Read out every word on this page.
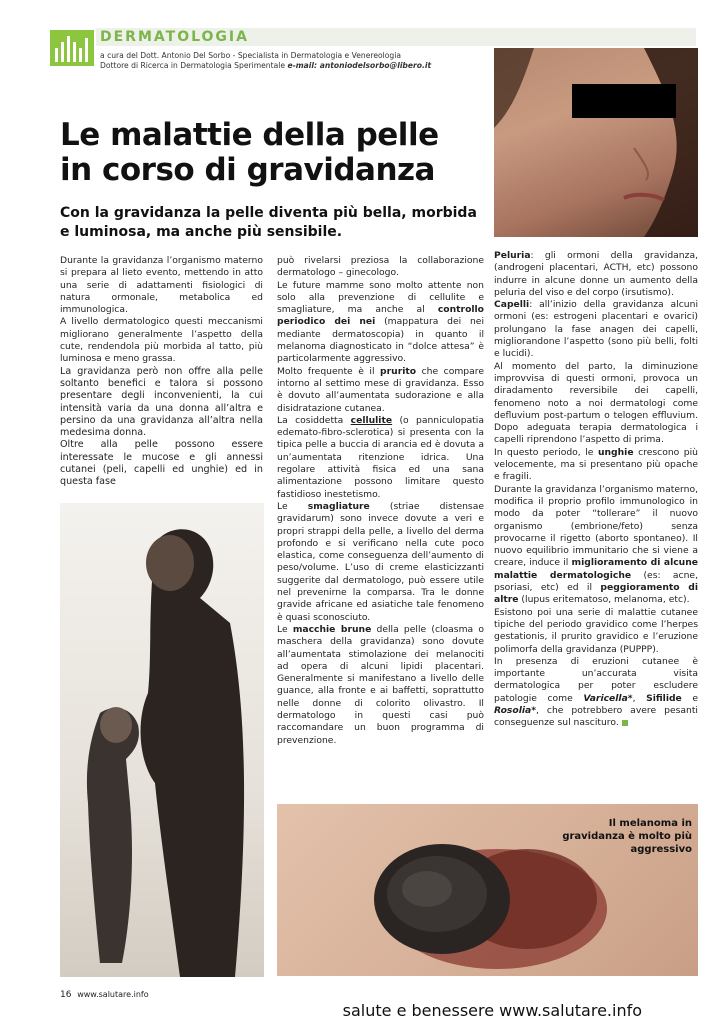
DERMATOLOGIA
a cura del Dott. Antonio Del Sorbo - Specialista in Dermatologia e Venereologia
Dottore di Ricerca in Dermatologia Sperimentale e-mail: antoniodelsorbo@libero.it
Le malattie della pelle in corso di gravidanza
Con la gravidanza la pelle diventa più bella, morbida e luminosa, ma anche più sensibile.

Durante la gravidanza l’organismo materno si prepara al lieto evento, mettendo in atto una serie di adattamenti fisiologici di natura ormonale, metabolica ed immunologica.

A livello dermatologico questi meccanismi migliorano generalmente l’aspetto della cute, rendendola più morbida al tatto, più luminosa e meno grassa.

La gravidanza però non offre alla pelle soltanto benefici e talora si possono presentare degli inconvenienti, la cui intensità varia da una donna all’altra e persino da una gravidanza all’altra nella medesima donna.

Oltre alla pelle possono essere interessate le mucose e gli annessi cutanei (peli, capelli ed unghie) ed in questa fase

può rivelarsi preziosa la collaborazione dermatologo – ginecologo.

Le future mamme sono molto attente non solo alla prevenzione di cellulite e smagliature, ma anche al controllo periodico dei nei (mappatura dei nei mediante dermatoscopia) in quanto il melanoma diagnosticato in “dolce attesa” è particolarmente aggressivo.

Molto frequente è il prurito che compare intorno al settimo mese di gravidanza. Esso è dovuto all’aumentata sudorazione e alla disidratazione cutanea.

La cosiddetta cellulite (o panniculopatia edemato-fibro-sclerotica) si presenta con la tipica pelle a buccia di arancia ed è dovuta a un’aumentata ritenzione idrica. Una regolare attività fisica ed una sana alimentazione possono limitare questo fastidioso inestetismo.

Le smagliature (striae distensae gravidarum) sono invece dovute a veri e propri strappi della pelle, a livello del derma profondo e si verificano nella cute poco elastica, come conseguenza dell’aumento di peso/volume. L’uso di creme elasticizzanti suggerite dal dermatologo, può essere utile nel prevenirne la comparsa. Tra le donne gravide africane ed asiatiche tale fenomeno è quasi sconosciuto.

Le macchie brune della pelle (cloasma o maschera della gravidanza) sono dovute all’aumentata stimolazione dei melanociti ad opera di alcuni lipidi placentari. Generalmente si manifestano a livello delle guance, alla fronte e ai baffetti, soprattutto nelle donne di colorito olivastro. Il dermatologo in questi casi può raccomandare un buon programma di prevenzione.

Peluria: gli ormoni della gravidanza, (androgeni placentari, ACTH, etc) possono indurre in alcune donne un aumento della peluria del viso e del corpo (irsutismo).

Capelli: all’inizio della gravidanza alcuni ormoni (es: estrogeni placentari e ovarici) prolungano la fase anagen dei capelli, migliorandone l’aspetto (sono più belli, folti e lucidi).

Al momento del parto, la diminuzione improvvisa di questi ormoni, provoca un diradamento reversibile dei capelli, fenomeno noto a noi dermatologi come defluvium post-partum o telogen effluvium. Dopo adeguata terapia dermatologica i capelli riprendono l’aspetto di prima.

In questo periodo, le unghie crescono più velocemente, ma si presentano più opache e fragili.

Durante la gravidanza l’organismo materno, modifica il proprio profilo immunologico in modo da poter “tollerare” il nuovo organismo (embrione/feto) senza provocarne il rigetto (aborto spontaneo). Il nuovo equilibrio immunitario che si viene a creare, induce il miglioramento di alcune malattie dermatologiche (es: acne, psoriasi, etc) ed il peggioramento di altre (lupus eritematoso, melanoma, etc).

Esistono poi una serie di malattie cutanee tipiche del periodo gravidico come l’herpes gestationis, il prurito gravidico e l’eruzione polimorfa della gravidanza (PUPPP).

In presenza di eruzioni cutanee è importante un’accurata visita dermatologica per poter escludere patologie come Varicella*, Sifilide e Rosolia*, che potrebbero avere pesanti conseguenze sul nascituro.

Il melanoma in gravidanza è molto più aggressivo
16 www.salutare.info
salute e benessere www.salutare.info
